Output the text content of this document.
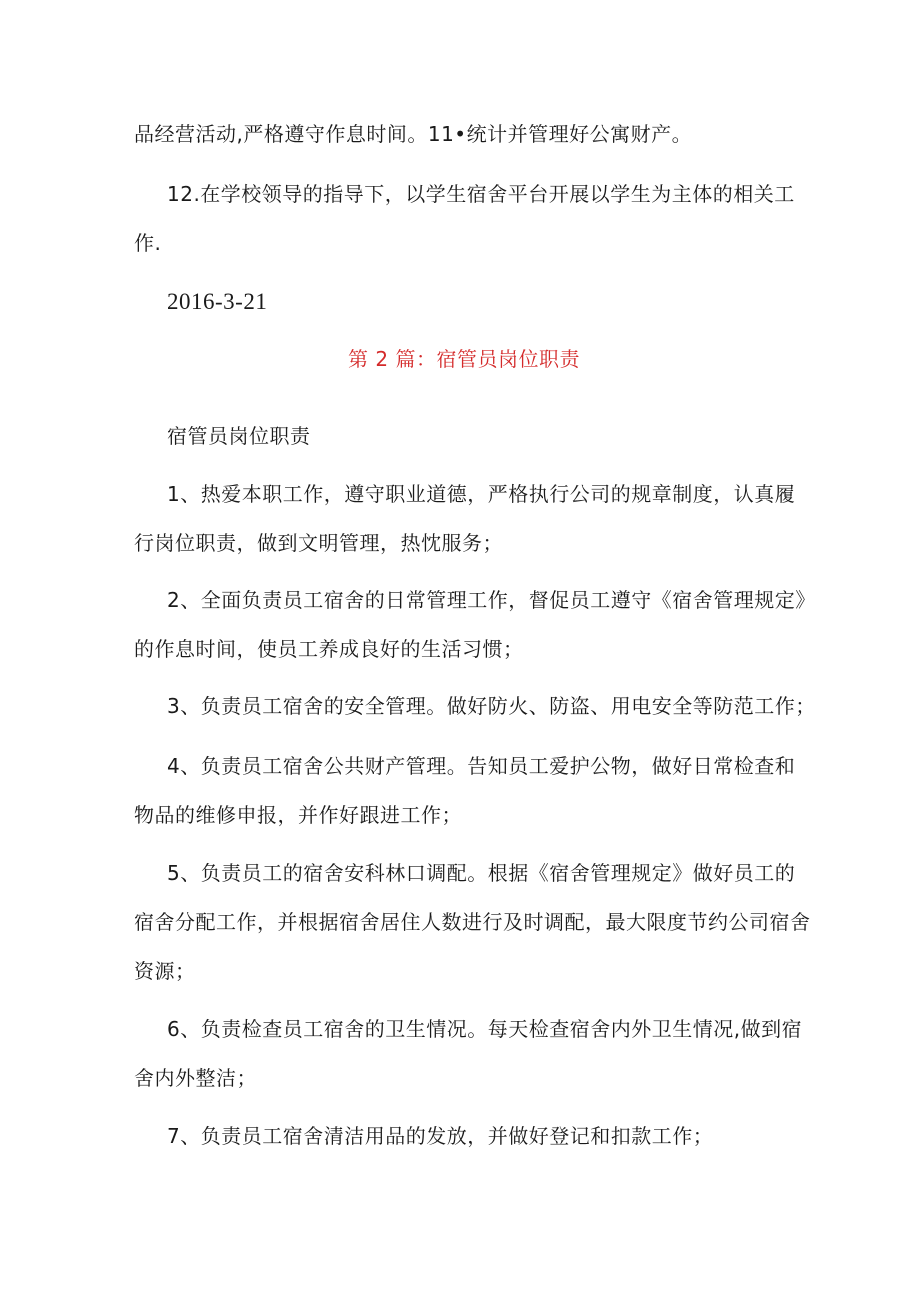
品经营活动,严格遵守作息时间。11•统计并管理好公寓财产。
12.在学校领导的指导下，以学生宿舍平台开展以学生为主体的相关工
作.
2016-3-21
第 2 篇：宿管员岗位职责
宿管员岗位职责
1、热爱本职工作，遵守职业道德，严格执行公司的规章制度，认真履
行岗位职责，做到文明管理，热忱服务；
2、全面负责员工宿舍的日常管理工作，督促员工遵守《宿舍管理规定》
的作息时间，使员工养成良好的生活习惯；
3、负责员工宿舍的安全管理。做好防火、防盗、用电安全等防范工作；
4、负责员工宿舍公共财产管理。告知员工爱护公物，做好日常检查和
物品的维修申报，并作好跟进工作；
5、负责员工的宿舍安科林口调配。根据《宿舍管理规定》做好员工的
宿舍分配工作，并根据宿舍居住人数进行及时调配，最大限度节约公司宿舍
资源；
6、负责检查员工宿舍的卫生情况。每天检查宿舍内外卫生情况,做到宿
舍内外整洁；
7、负责员工宿舍清洁用品的发放，并做好登记和扣款工作；
